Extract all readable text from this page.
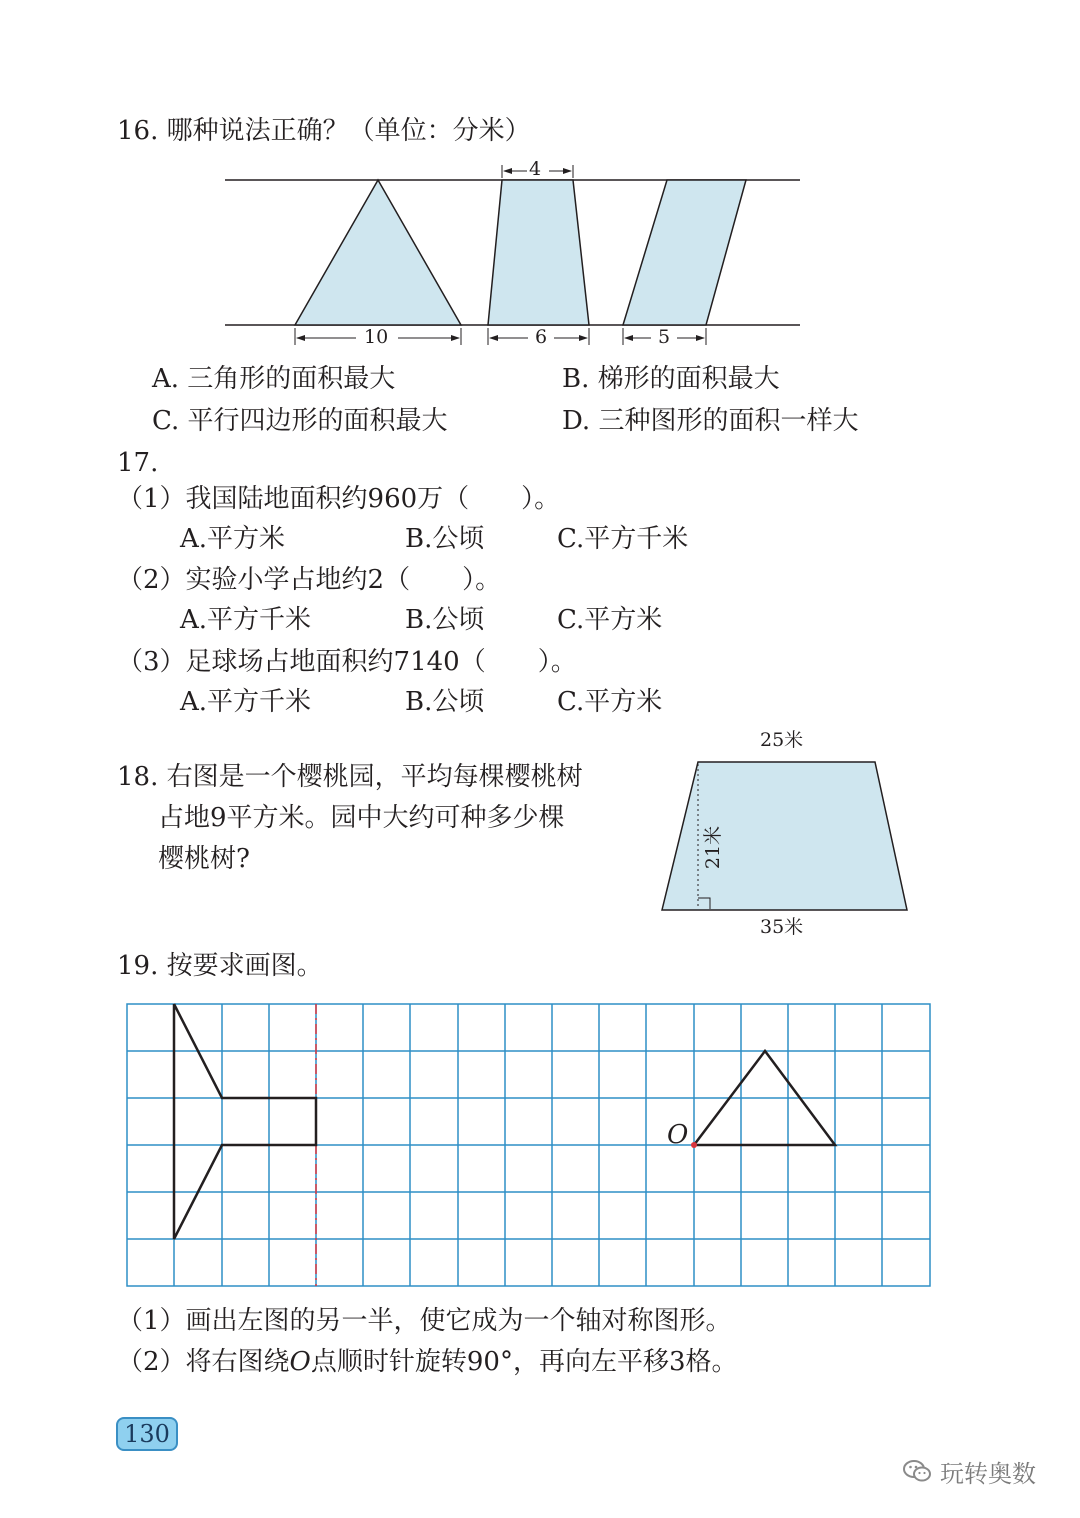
16. 哪种说法正确？（单位：分米）
4
10	6	5
A. 三角形的面积最大	B. 梯形的面积最大
C. 平行四边形的面积最大	D. 三种图形的面积一样大
17.
（1）我国陆地面积约960万（　　）。
A.平方米	B.公顷	C.平方千米
（2）实验小学占地约2（　　）。
A.平方千米	B.公顷	C.平方米
（3）足球场占地面积约7140（　　）。
A.平方千米	B.公顷	C.平方米
18. 右图是一个樱桃园，平均每棵樱桃树
占地9平方米。园中大约可种多少棵
樱桃树?
25米
35米
21米
19. 按要求画图。
O
（1）画出左图的另一半，使它成为一个轴对称图形。
（2）将右图绕O点顺时针旋转90°，再向左平移3格。
130
玩转奥数
